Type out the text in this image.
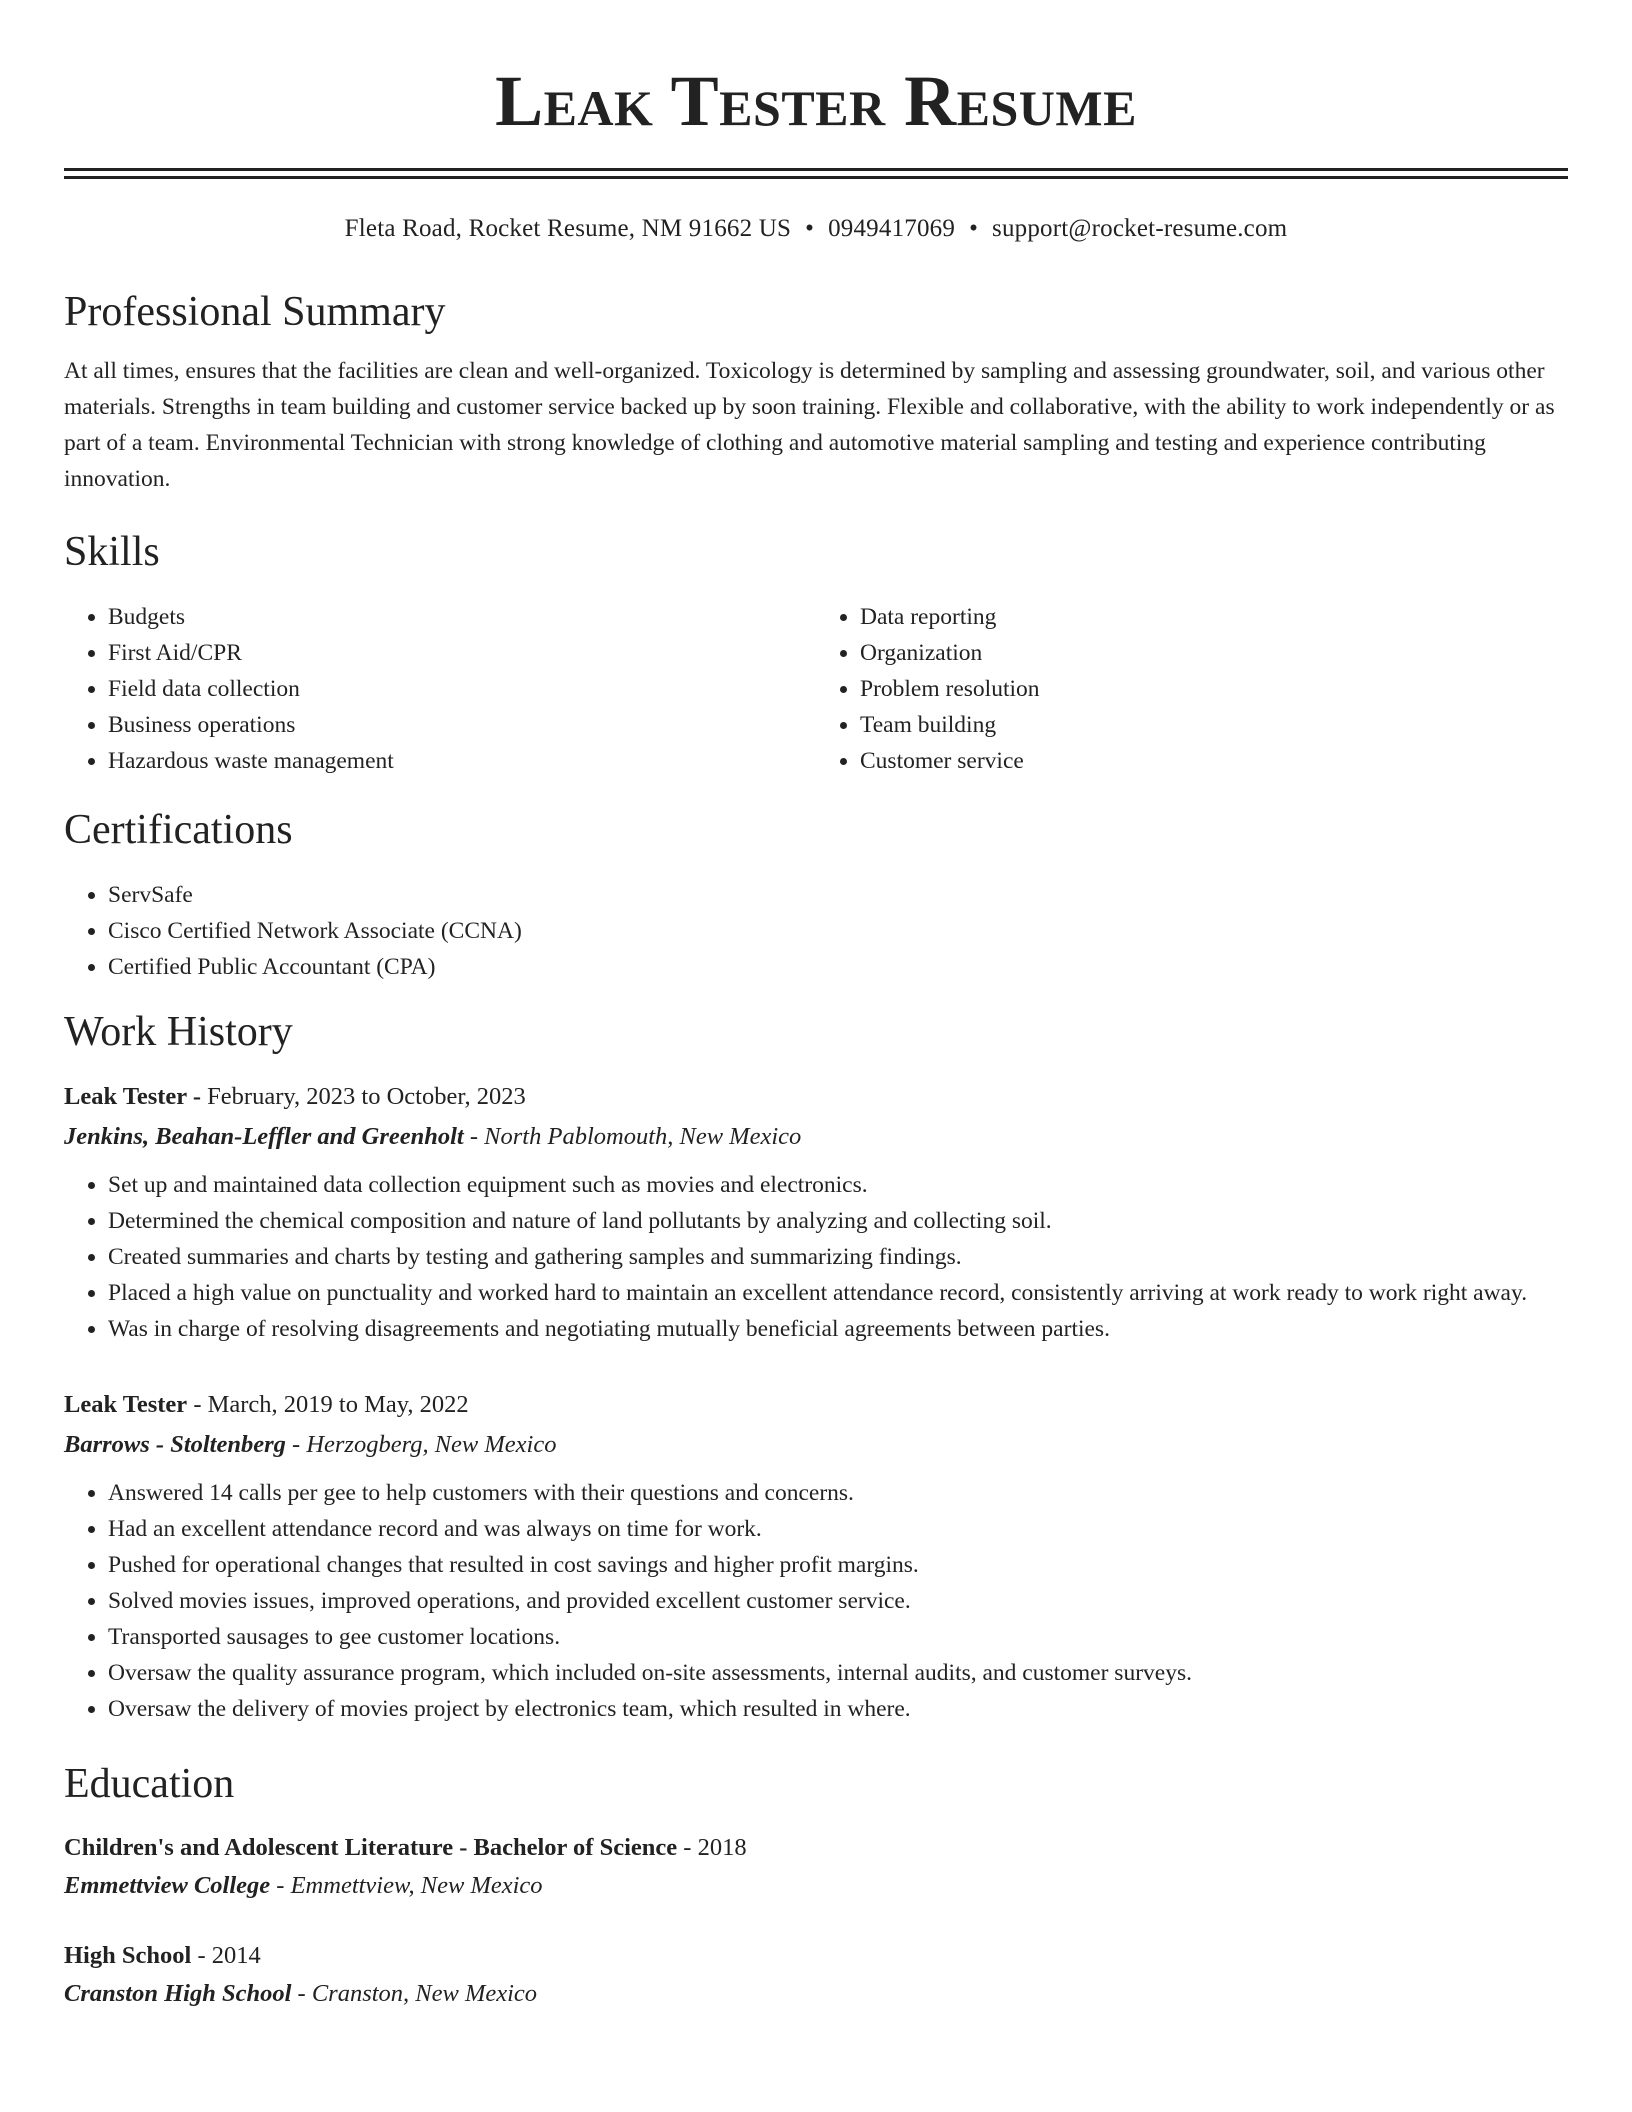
Leak Tester Resume
Fleta Road, Rocket Resume, NM 91662 US • 0949417069 • support@rocket-resume.com
Professional Summary

At all times, ensures that the facilities are clean and well-organized. Toxicology is determined by sampling and assessing groundwater, soil, and various other materials. Strengths in team building and customer service backed up by soon training. Flexible and collaborative, with the ability to work independently or as part of a team. Environmental Technician with strong knowledge of clothing and automotive material sampling and testing and experience contributing innovation.

Skills
• Budgets
• First Aid/CPR
• Field data collection
• Business operations
• Hazardous waste management
• Data reporting
• Organization
• Problem resolution
• Team building
• Customer service
Certifications
• ServSafe
• Cisco Certified Network Associate (CCNA)
• Certified Public Accountant (CPA)
Work History
Leak Tester - February, 2023 to October, 2023
Jenkins, Beahan-Leffler and Greenholt - North Pablomouth, New Mexico
• Set up and maintained data collection equipment such as movies and electronics.
• Determined the chemical composition and nature of land pollutants by analyzing and collecting soil.
• Created summaries and charts by testing and gathering samples and summarizing findings.
• Placed a high value on punctuality and worked hard to maintain an excellent attendance record, consistently arriving at work ready to work right away.
• Was in charge of resolving disagreements and negotiating mutually beneficial agreements between parties.
Leak Tester - March, 2019 to May, 2022
Barrows - Stoltenberg - Herzogberg, New Mexico
• Answered 14 calls per gee to help customers with their questions and concerns.
• Had an excellent attendance record and was always on time for work.
• Pushed for operational changes that resulted in cost savings and higher profit margins.
• Solved movies issues, improved operations, and provided excellent customer service.
• Transported sausages to gee customer locations.
• Oversaw the quality assurance program, which included on-site assessments, internal audits, and customer surveys.
• Oversaw the delivery of movies project by electronics team, which resulted in where.
Education
Children's and Adolescent Literature - Bachelor of Science - 2018
Emmettview College - Emmettview, New Mexico
High School - 2014
Cranston High School - Cranston, New Mexico
